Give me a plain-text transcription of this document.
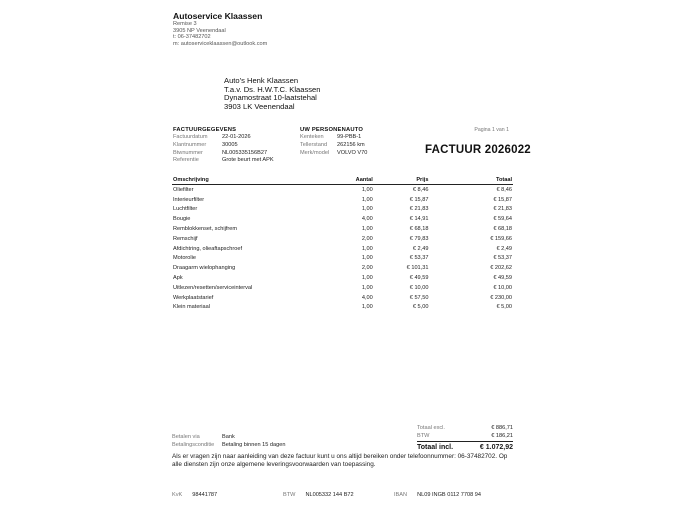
Autoservice Klaassen
Remise 3
3905 NP Veenendaal
t: 06-37482702
m: autoserviceklaassen@outlook.com
Auto's Henk Klaassen
T.a.v. Ds. H.W.T.C. Klaassen
Dynamostraat 10-laatstehal
3903 LK Veenendaal
FACTUURGEGEVENS
Factuurdatum	22-01-2026
Klantnummer	30005
Btwnummer	NL005335156B27
Referentie	Grote beurt met APK
UW PERSONENAUTO
Kenteken	99-PBB-1
Tellerstand	262156 km
Merk/model	VOLVO V70
Pagina 1 van 1
FACTUUR 2026022
Omschrijving	Aantal	Prijs	Totaal
Oliefilter	1,00	€ 8,46	€ 8,46
Interieurfilter	1,00	€ 15,87	€ 15,87
Luchtfilter	1,00	€ 21,83	€ 21,83
Bougie	4,00	€ 14,91	€ 59,64
Remblokkenset, schijfrem	1,00	€ 68,18	€ 68,18
Remschijf	2,00	€ 79,83	€ 159,66
Afdichtring, olieaftapschroef	1,00	€ 2,49	€ 2,49
Motorolie	1,00	€ 53,37	€ 53,37
Draagarm wielophanging	2,00	€ 101,31	€ 202,62
Apk	1,00	€ 49,59	€ 49,59
Uitlezen/resetten/serviceinterval	1,00	€ 10,00	€ 10,00
Werkplaatstarief	4,00	€ 57,50	€ 230,00
Klein materiaal	1,00	€ 5,00	€ 5,00
Totaal excl.	€ 886,71
BTW	€ 186,21
Totaal incl.	€ 1.072,92
Betalen via	Bank
Betalingsconditie	Betaling binnen 15 dagen
Als er vragen zijn naar aanleiding van deze factuur kunt u ons altijd bereiken onder telefoonnummer: 06-37482702. Op alle diensten zijn onze algemene leveringsvoorwaarden van toepassing.
KvK 98441787	BTW NL005332 144 B72	IBAN NL09 INGB 0112 7708 94
